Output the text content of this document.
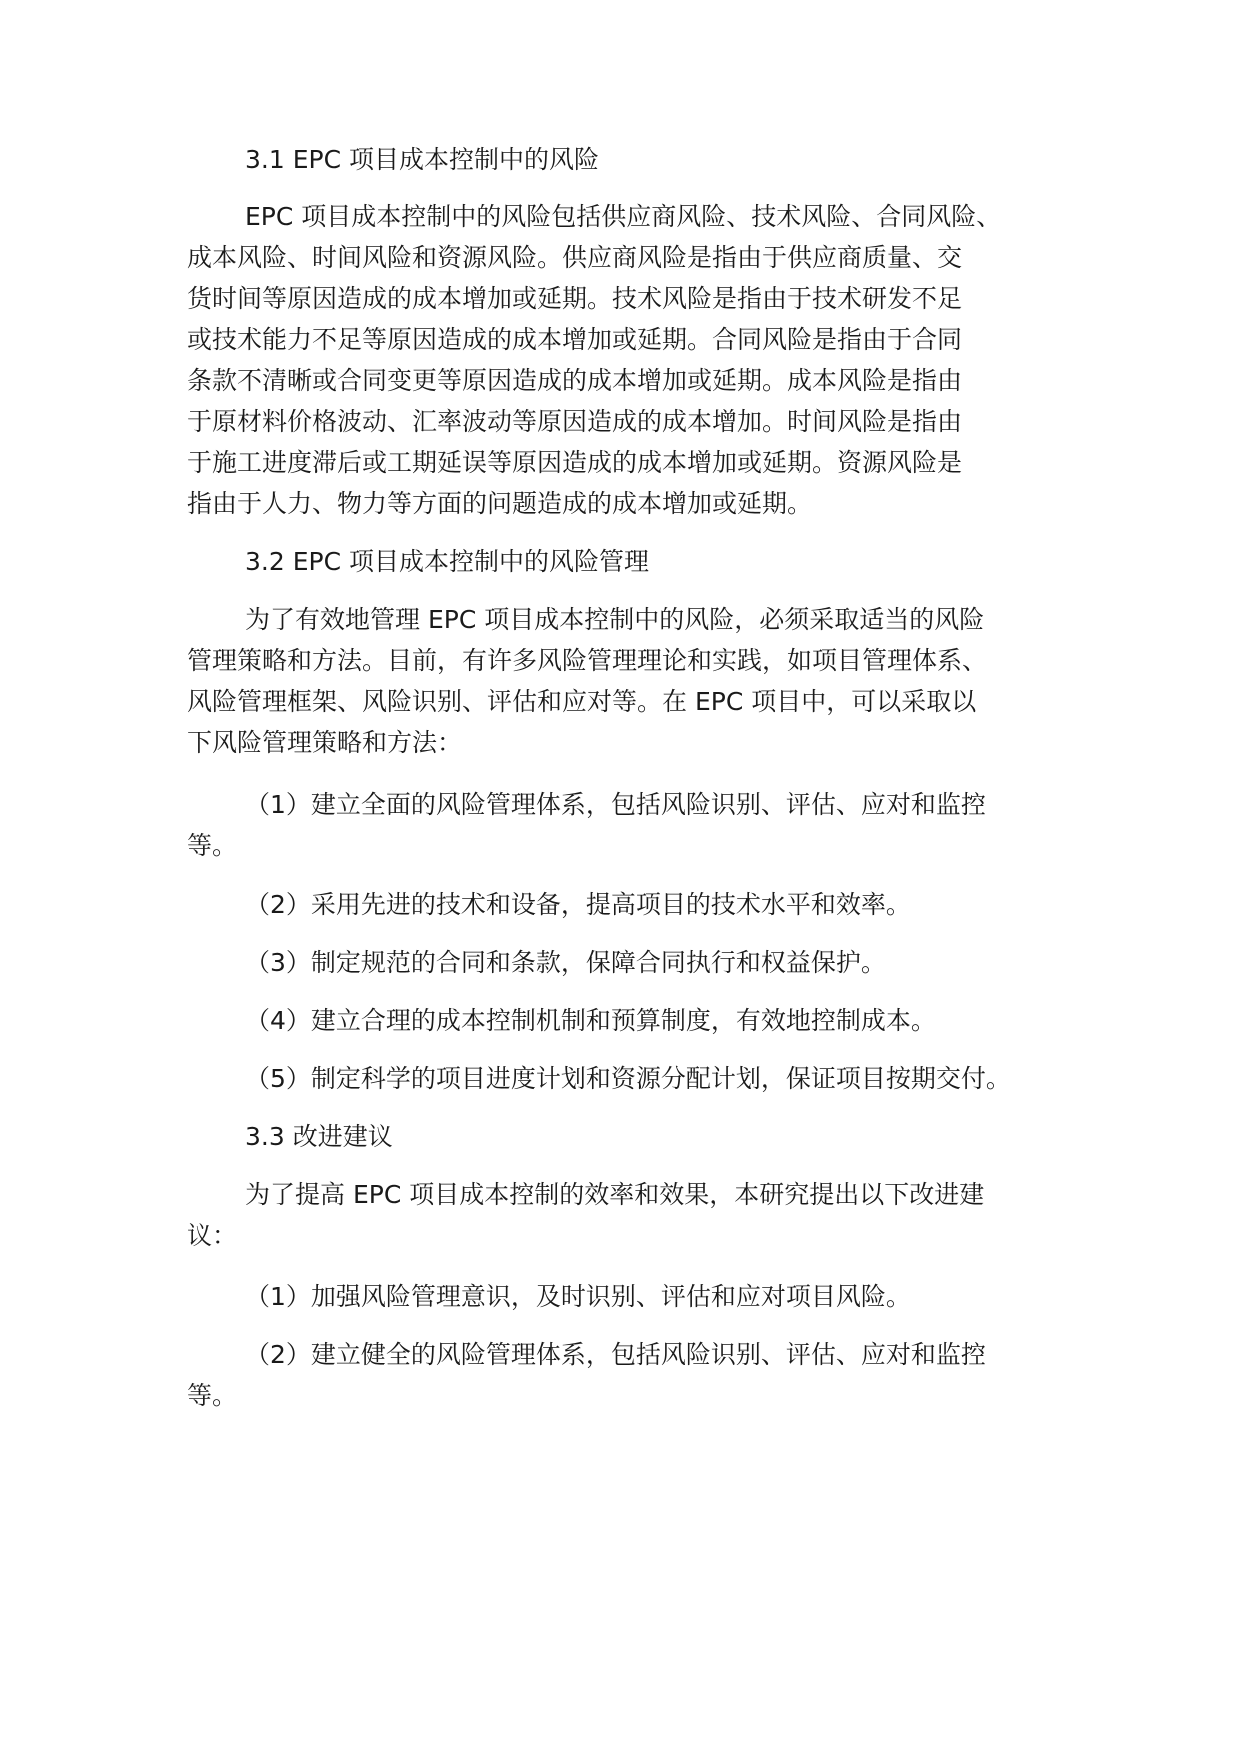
3.1 EPC 项目成本控制中的风险

EPC 项目成本控制中的风险包括供应商风险、技术风险、合同风险、

成本风险、时间风险和资源风险。供应商风险是指由于供应商质量、交

货时间等原因造成的成本增加或延期。技术风险是指由于技术研发不足

或技术能力不足等原因造成的成本增加或延期。合同风险是指由于合同

条款不清晰或合同变更等原因造成的成本增加或延期。成本风险是指由

于原材料价格波动、汇率波动等原因造成的成本增加。时间风险是指由

于施工进度滞后或工期延误等原因造成的成本增加或延期。资源风险是

指由于人力、物力等方面的问题造成的成本增加或延期。

3.2 EPC 项目成本控制中的风险管理

为了有效地管理 EPC 项目成本控制中的风险，必须采取适当的风险

管理策略和方法。目前，有许多风险管理理论和实践，如项目管理体系、

风险管理框架、风险识别、评估和应对等。在 EPC 项目中，可以采取以

下风险管理策略和方法：

（1）建立全面的风险管理体系，包括风险识别、评估、应对和监控

等。

（2）采用先进的技术和设备，提高项目的技术水平和效率。

（3）制定规范的合同和条款，保障合同执行和权益保护。

（4）建立合理的成本控制机制和预算制度，有效地控制成本。

（5）制定科学的项目进度计划和资源分配计划，保证项目按期交付。

3.3 改进建议

为了提高 EPC 项目成本控制的效率和效果，本研究提出以下改进建

议：

（1）加强风险管理意识，及时识别、评估和应对项目风险。

（2）建立健全的风险管理体系，包括风险识别、评估、应对和监控

等。
